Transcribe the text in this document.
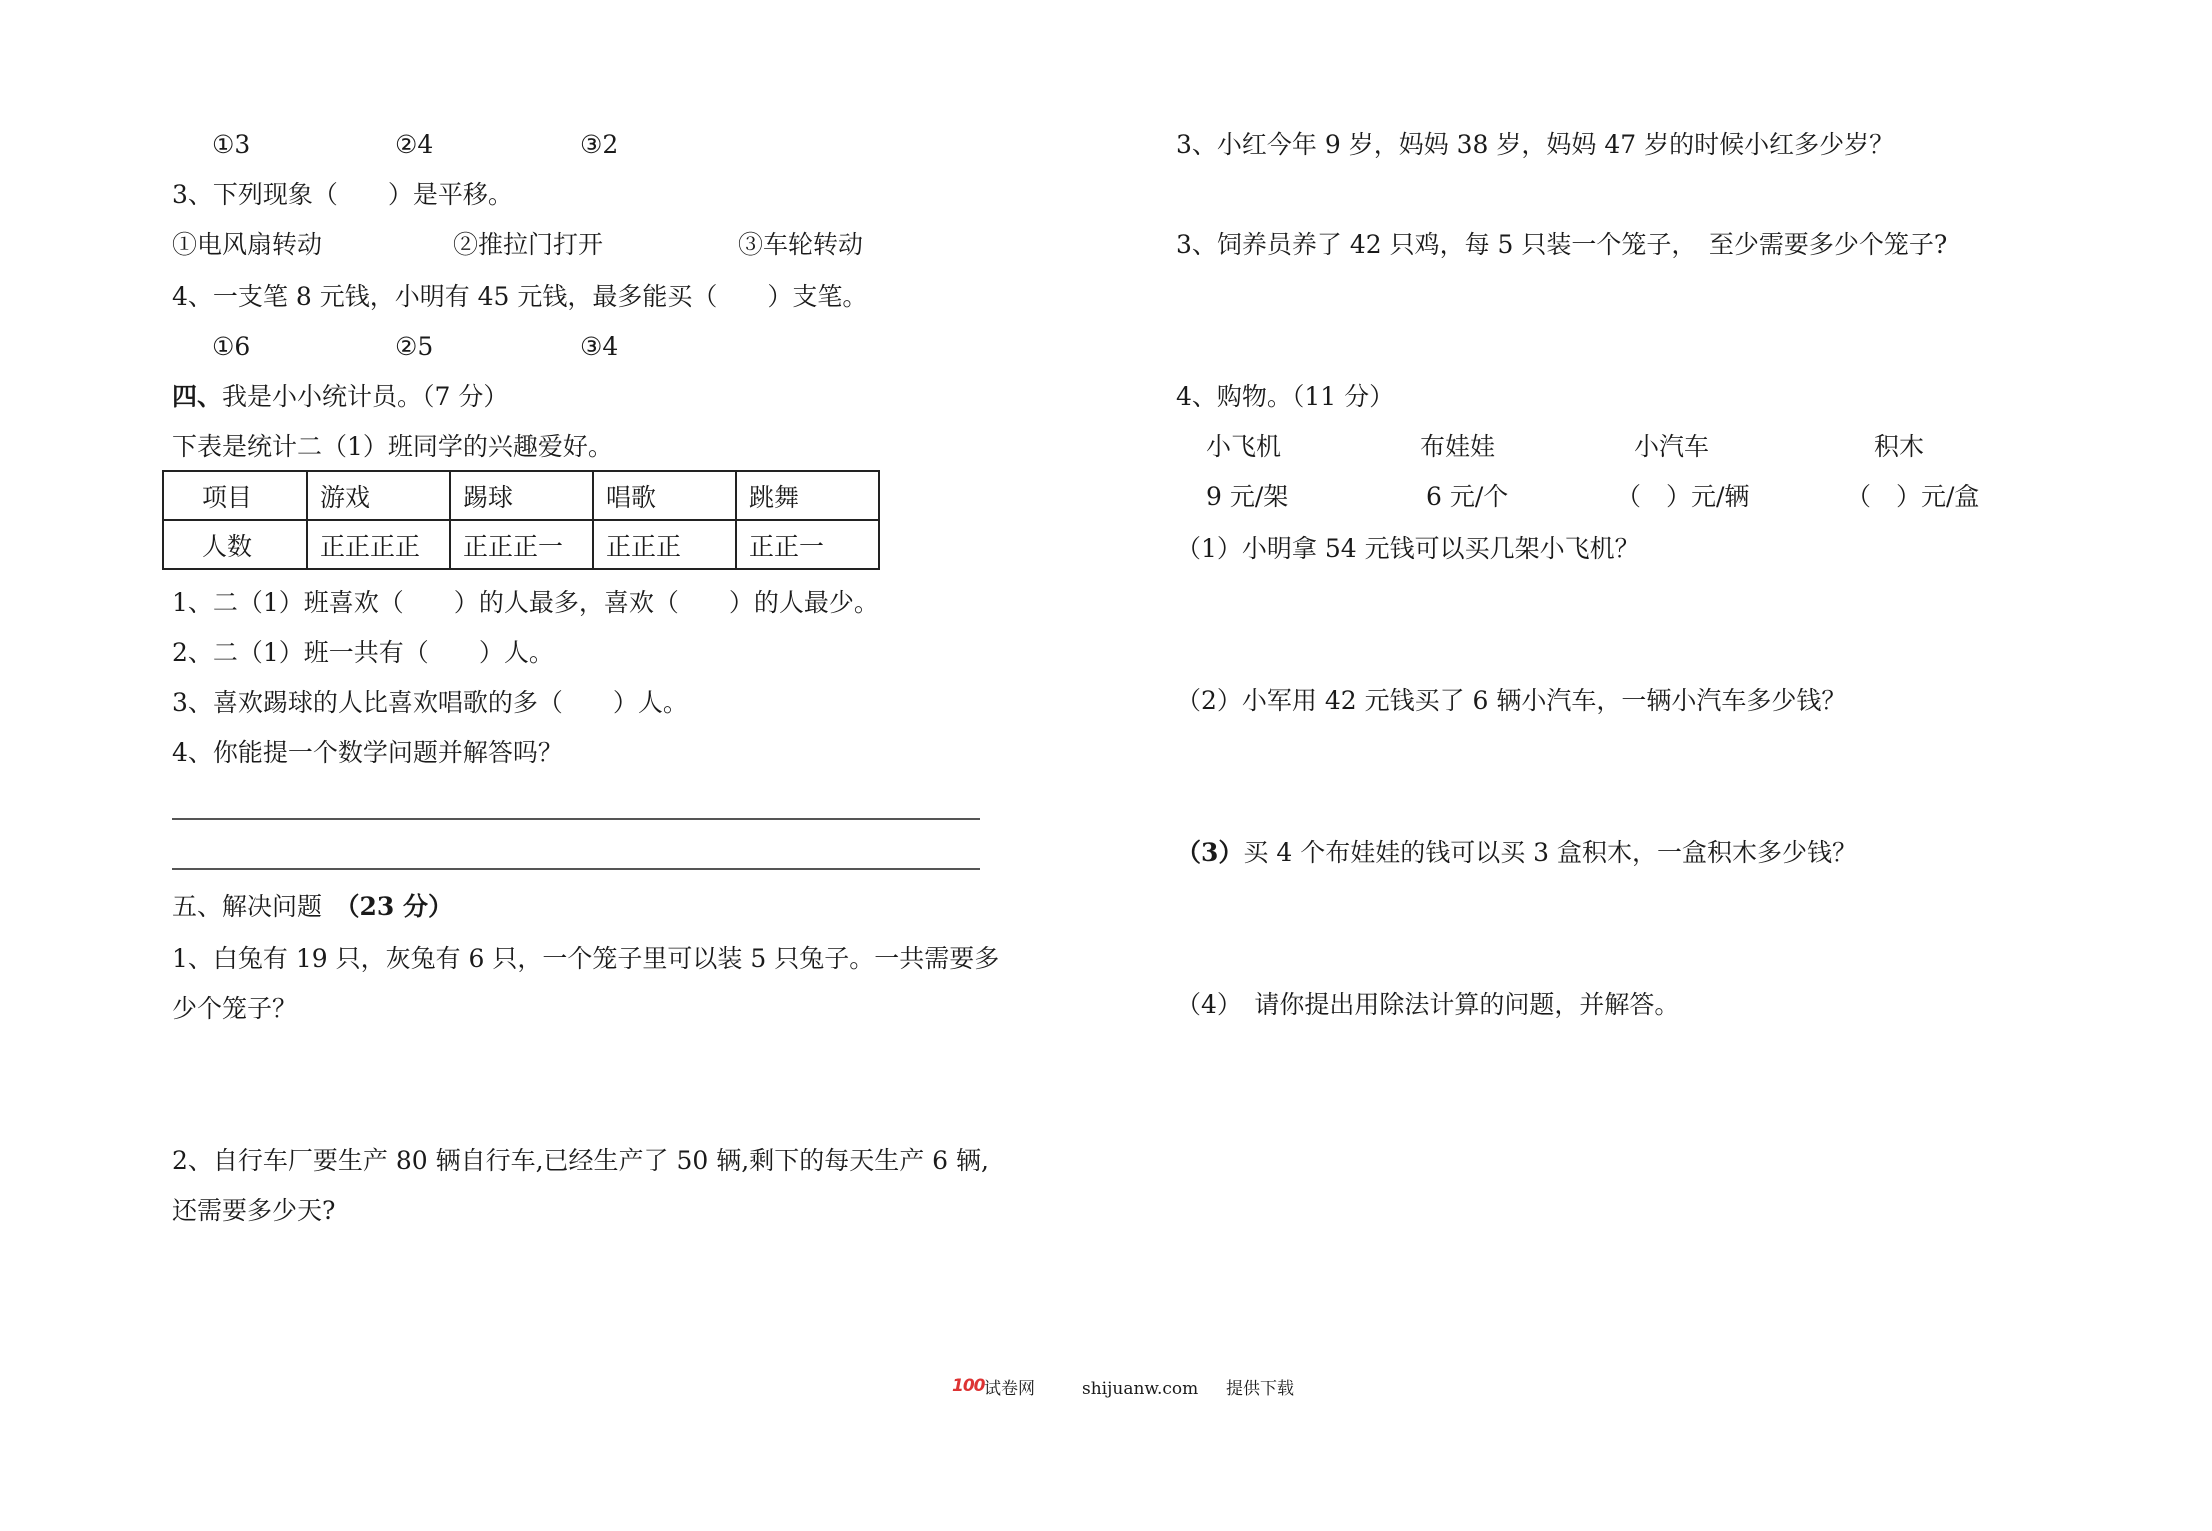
①3	②4	③2
3、下列现象（　　）是平移。
①电风扇转动	②推拉门打开	③车轮转动
4、一支笔 8 元钱，小明有 45 元钱，最多能买（　　）支笔。
①6	②5	③4
四、我是小小统计员。（7 分）
下表是统计二（1）班同学的兴趣爱好。
项目	游戏	踢球	唱歌	跳舞
人数	正正正正	正正正一	正正正	正正一
1、二（1）班喜欢（　　）的人最多，喜欢（　　）的人最少。
2、二（1）班一共有（　　）人。
3、喜欢踢球的人比喜欢唱歌的多（　　）人。
4、你能提一个数学问题并解答吗？
五、解决问题　（23 分）
1、白兔有 19 只，灰兔有 6 只，一个笼子里可以装 5 只兔子。一共需要多
少个笼子？
2、自行车厂要生产 80 辆自行车,已经生产了 50 辆,剩下的每天生产 6 辆,
还需要多少天?
3、小红今年 9 岁，妈妈 38 岁，妈妈 47 岁的时候小红多少岁？
3、饲养员养了 42 只鸡，每 5 只装一个笼子，　至少需要多少个笼子?
4、购物。（11 分）
小飞机	布娃娃	小汽车	积木
9 元/架	6 元/个	（　）元/辆	（　）元/盒
（1）小明拿 54 元钱可以买几架小飞机？
（2）小军用 42 元钱买了 6 辆小汽车，一辆小汽车多少钱？
（3）买 4 个布娃娃的钱可以买 3 盒积木，一盒积木多少钱？
（4）　请你提出用除法计算的问题，并解答。
100 试卷网	shijuanw.com 提供下载
